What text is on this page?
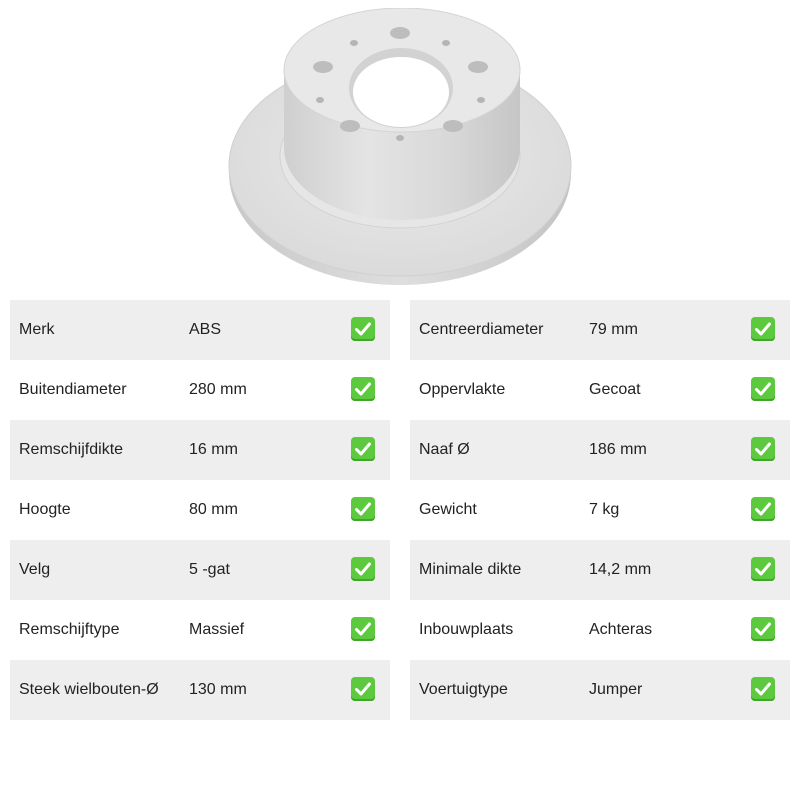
Merk	ABS
Buitendiameter	280 mm
Remschijfdikte	16 mm
Hoogte	80 mm
Velg	5 -gat
Remschijftype	Massief
Steek wielbouten-Ø 130 mm
Centreerdiameter	79 mm
Oppervlakte	Gecoat
Naaf Ø	186 mm
Gewicht	7 kg
Minimale dikte	14,2 mm
Inbouwplaats	Achteras
Voertuigtype	Jumper
